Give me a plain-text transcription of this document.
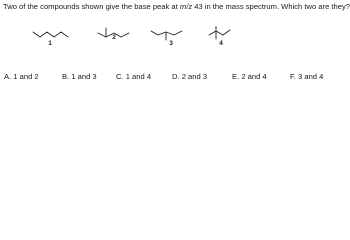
Two of the compounds shown give the base peak at m/z 43 in the mass spectrum. Which two are they?
1
2
3	4
A. 1 and 2	B. 1 and 3	C. 1 and 4	D. 2 and 3	E. 2 and 4	F. 3 and 4
